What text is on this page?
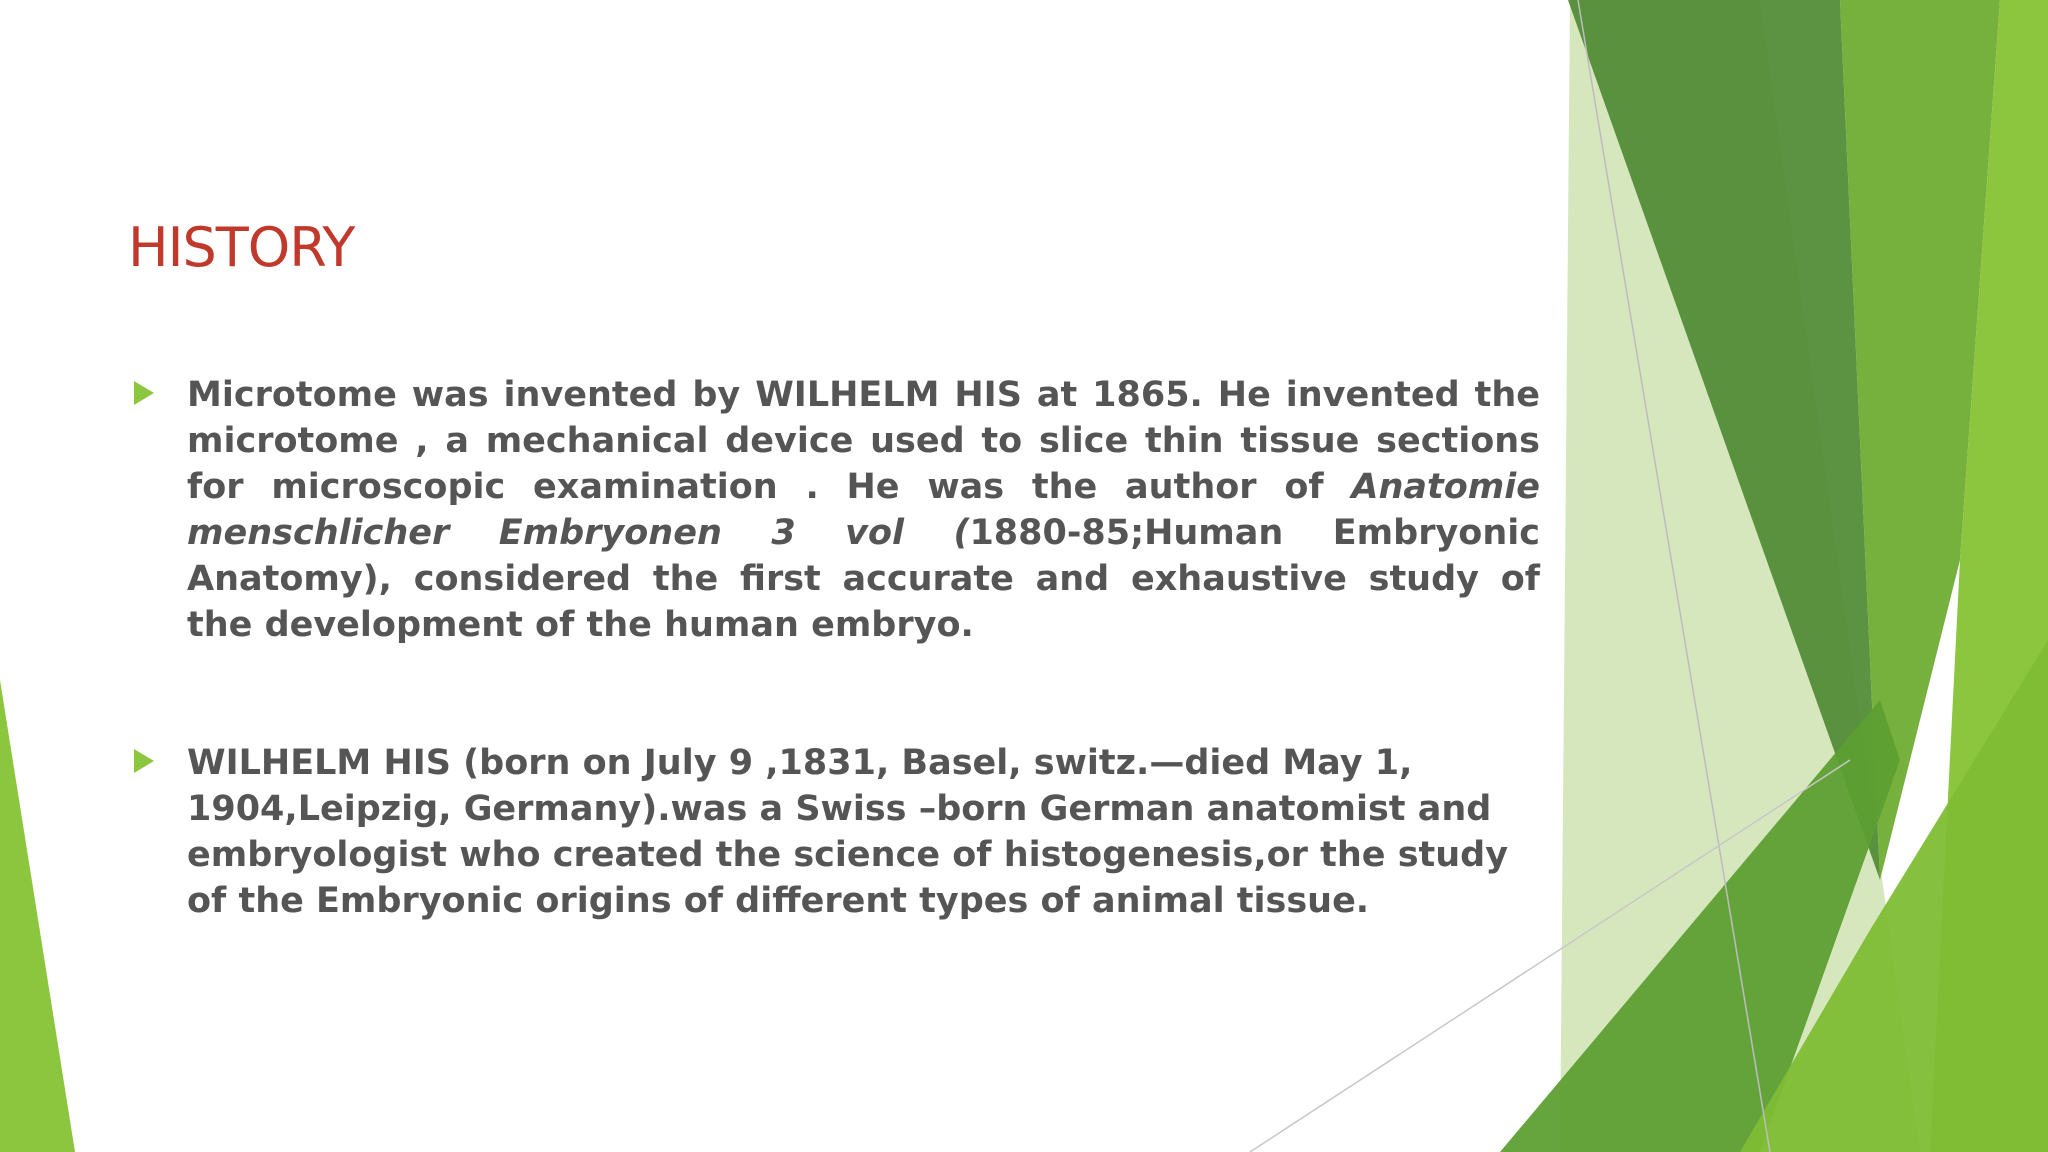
HISTORY
Microtome was invented by WILHELM HIS at 1865. He invented the microtome , a mechanical device used to slice thin tissue sections for microscopic examination . He was the author of Anatomie menschlicher Embryonen 3 vol (1880-85;Human Embryonic Anatomy), considered the first accurate and exhaustive study of the development of the human embryo.
WILHELM HIS (born on July 9 ,1831, Basel, switz.—died May 1, 1904,Leipzig, Germany).was a Swiss –born German anatomist and embryologist who created the science of histogenesis,or the study of the Embryonic origins of different types of animal tissue.
